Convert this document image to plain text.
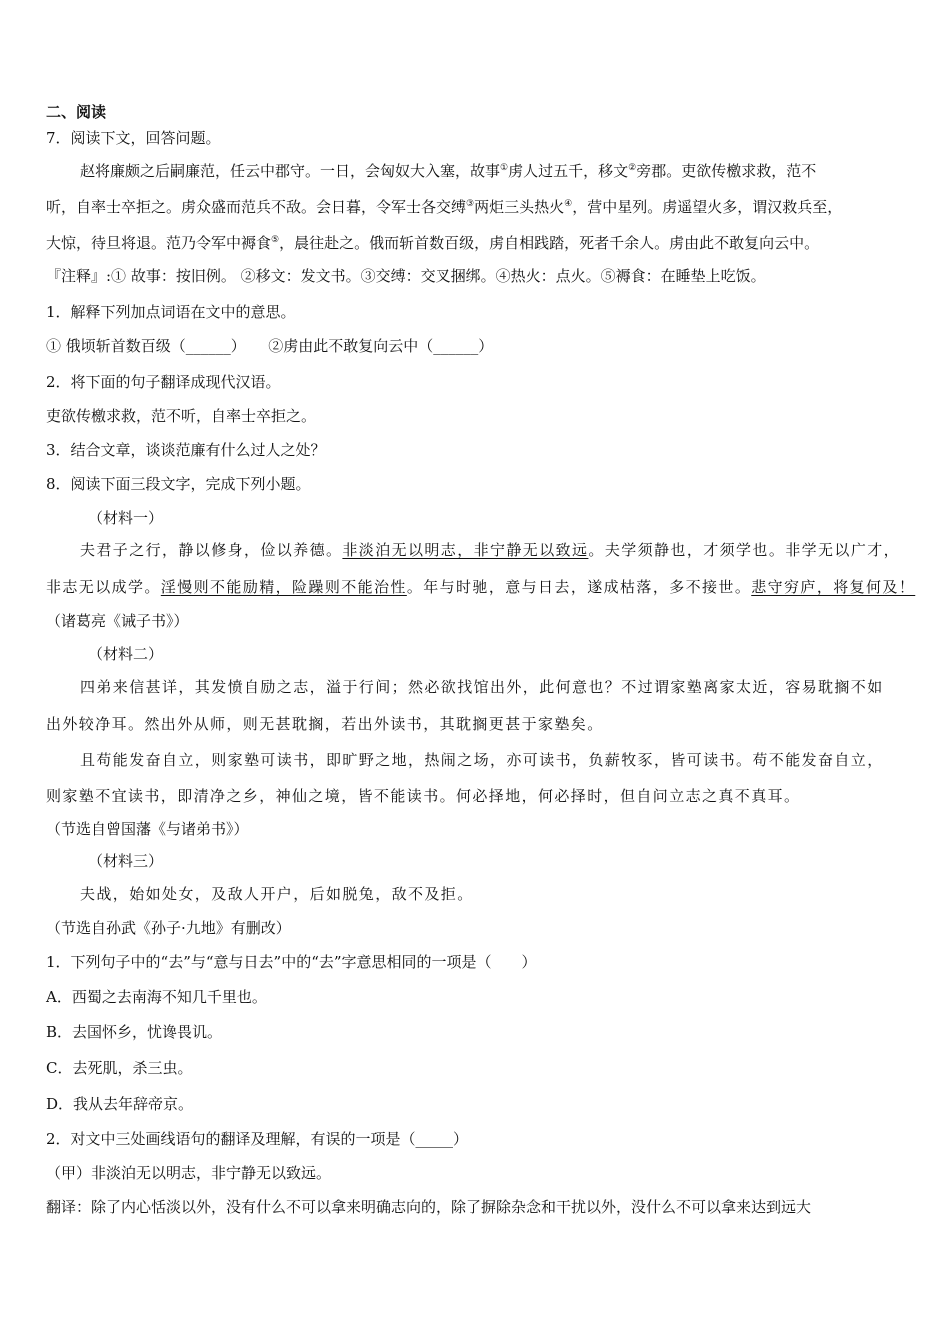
二、阅读
7．阅读下文，回答问题。
赵将廉颇之后嗣廉范，任云中郡守。一日，会匈奴大入塞，故事①虏人过五千，移文②旁郡。吏欲传檄求救，范不
听，自率士卒拒之。虏众盛而范兵不敌。会日暮，令军士各交缚③两炬三头热火④，营中星列。虏遥望火多，谓汉救兵至，
大惊，待旦将退。范乃令军中褥食⑤，晨往赴之。俄而斩首数百级，虏自相践踏，死者千余人。虏由此不敢复向云中。
『注释』:① 故事：按旧例。 ②移文：发文书。③交缚：交叉捆绑。④热火：点火。⑤褥食：在睡垫上吃饭。
1．解释下列加点词语在文中的意思。
① 俄顷斩首数百级（______）　　②虏由此不敢复向云中（______）
2．将下面的句子翻译成现代汉语。
吏欲传檄求救，范不听，自率士卒拒之。
3．结合文章，谈谈范廉有什么过人之处？
8．阅读下面三段文字，完成下列小题。
（材料一）
夫君子之行，静以修身，俭以养德。非淡泊无以明志，非宁静无以致远。夫学须静也，才须学也。非学无以广才，
非志无以成学。淫慢则不能励精，险躁则不能治性。年与时驰，意与日去，遂成枯落，多不接世。悲守穷庐，将复何及！
（诸葛亮《诫子书》）
（材料二）
四弟来信甚详，其发愤自励之志，溢于行间；然必欲找馆出外，此何意也？不过谓家塾离家太近，容易耽搁不如
出外较净耳。然出外从师，则无甚耽搁，若出外读书，其耽搁更甚于家塾矣。
且苟能发奋自立，则家塾可读书，即旷野之地，热闹之场，亦可读书，负薪牧豕，皆可读书。苟不能发奋自立，
则家塾不宜读书，即清净之乡，神仙之境，皆不能读书。何必择地，何必择时，但自问立志之真不真耳。
（节选自曾国藩《与诸弟书》）
（材料三）
夫战，始如处女，及敌人开户，后如脱兔，敌不及拒。
（节选自孙武《孙子·九地》有删改）
1．下列句子中的“去”与“意与日去”中的“去”字意思相同的一项是（　　）
A．西蜀之去南海不知几千里也。
B．去国怀乡，忧谗畏讥。
C．去死肌，杀三虫。
D．我从去年辞帝京。
2．对文中三处画线语句的翻译及理解，有误的一项是（_____）
（甲）非淡泊无以明志，非宁静无以致远。
翻译：除了内心恬淡以外，没有什么不可以拿来明确志向的，除了摒除杂念和干扰以外，没什么不可以拿来达到远大
